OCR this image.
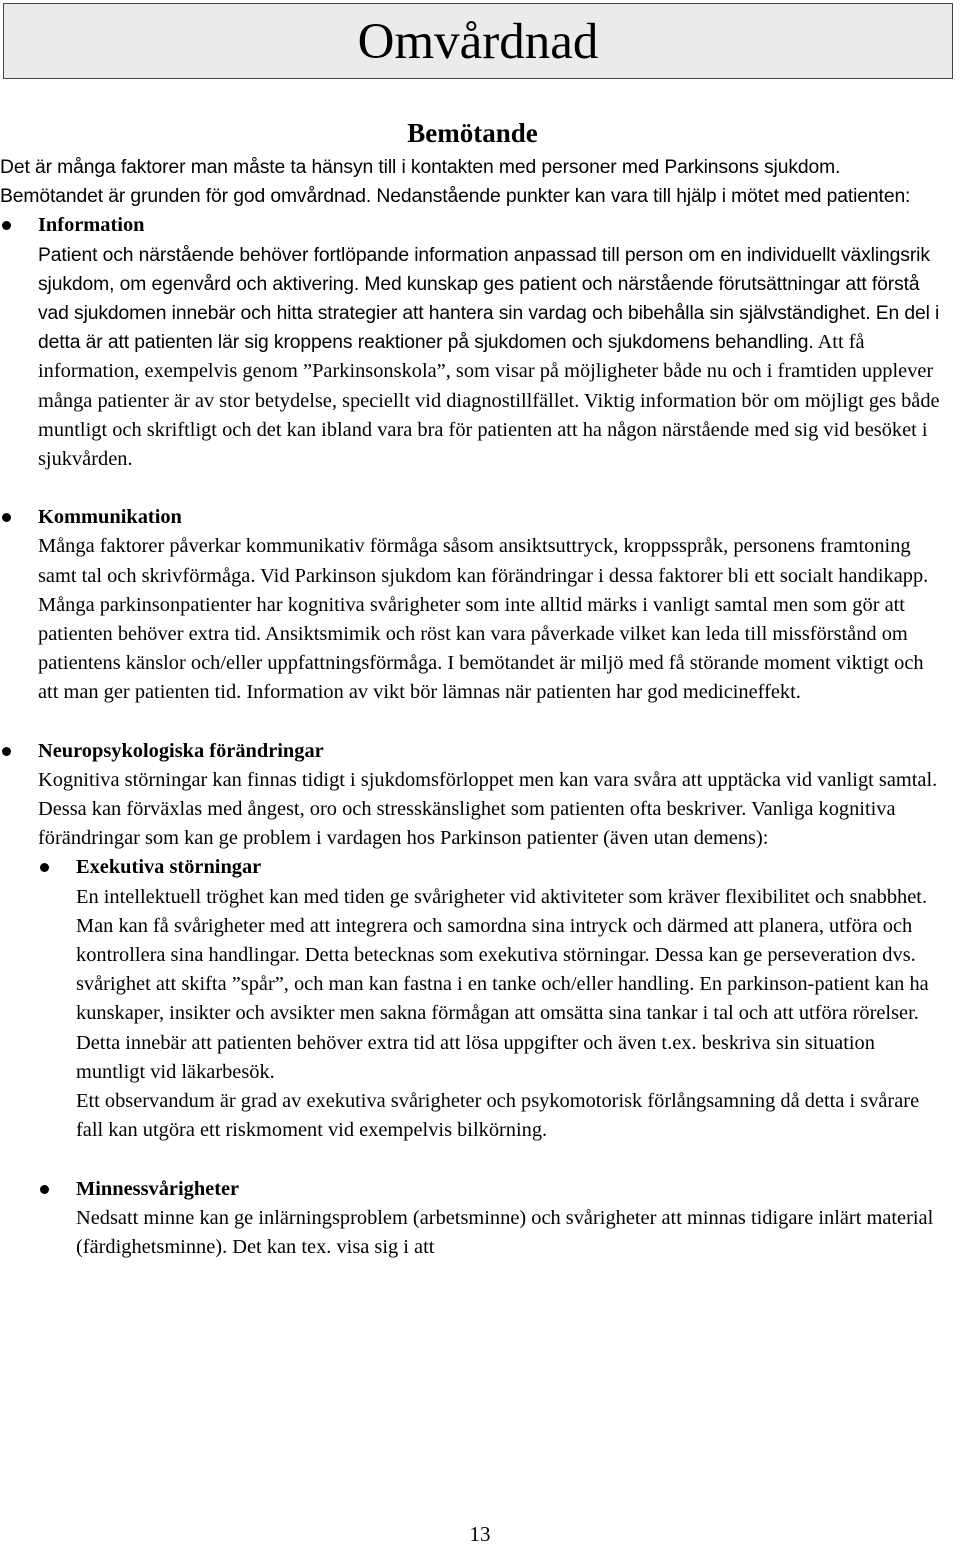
Omvårdnad
Bemötande

Det är många faktorer man måste ta hänsyn till i kontakten med personer med Parkinsons sjukdom. Bemötandet är grunden för god omvårdnad. Nedanstående punkter kan vara till hjälp i mötet med patienten:

Information

Patient och närstående behöver fortlöpande information anpassad till person om en individuellt växlingsrik sjukdom, om egenvård och aktivering. Med kunskap ges patient och närstående förutsättningar att förstå vad sjukdomen innebär och hitta strategier att hantera sin vardag och bibehålla sin självständighet. En del i detta är att patienten lär sig kroppens reaktioner på sjukdomen och sjukdomens behandling. Att få information, exempelvis genom ”Parkinsonskola”, som visar på möjligheter både nu och i framtiden upplever många patienter är av stor betydelse, speciellt vid diagnostillfället. Viktig information bör om möjligt ges både muntligt och skriftligt och det kan ibland vara bra för patienten att ha någon närstående med sig vid besöket i sjukvården.

Kommunikation

Många faktorer påverkar kommunikativ förmåga såsom ansiktsuttryck, kroppsspråk, personens framtoning samt tal och skrivförmåga. Vid Parkinson sjukdom kan förändringar i dessa faktorer bli ett socialt handikapp. Många parkinsonpatienter har kognitiva svårigheter som inte alltid märks i vanligt samtal men som gör att patienten behöver extra tid. Ansiktsmimik och röst kan vara påverkade vilket kan leda till missförstånd om patientens känslor och/eller uppfattningsförmåga. I bemötandet är miljö med få störande moment viktigt och att man ger patienten tid. Information av vikt bör lämnas när patienten har god medicineffekt.

Neuropsykologiska förändringar

Kognitiva störningar kan finnas tidigt i sjukdomsförloppet men kan vara svåra att upptäcka vid vanligt samtal. Dessa kan förväxlas med ångest, oro och stresskänslighet som patienten ofta beskriver. Vanliga kognitiva förändringar som kan ge problem i vardagen hos Parkinson patienter (även utan demens):

Exekutiva störningar

En intellektuell tröghet kan med tiden ge svårigheter vid aktiviteter som kräver flexibilitet och snabbhet. Man kan få svårigheter med att integrera och samordna sina intryck och därmed att planera, utföra och kontrollera sina handlingar. Detta betecknas som exekutiva störningar. Dessa kan ge perseveration dvs. svårighet att skifta ”spår”, och man kan fastna i en tanke och/eller handling. En parkinson-patient kan ha kunskaper, insikter och avsikter men sakna förmågan att omsätta sina tankar i tal och att utföra rörelser. Detta innebär att patienten behöver extra tid att lösa uppgifter och även t.ex. beskriva sin situation muntligt vid läkarbesök.

Ett observandum är grad av exekutiva svårigheter och psykomotorisk förlångsamning då detta i svårare fall kan utgöra ett riskmoment vid exempelvis bilkörning.

Minnessvårigheter

Nedsatt minne kan ge inlärningsproblem (arbetsminne) och svårigheter att minnas tidigare inlärt material (färdighetsminne). Det kan tex. visa sig i att

13
